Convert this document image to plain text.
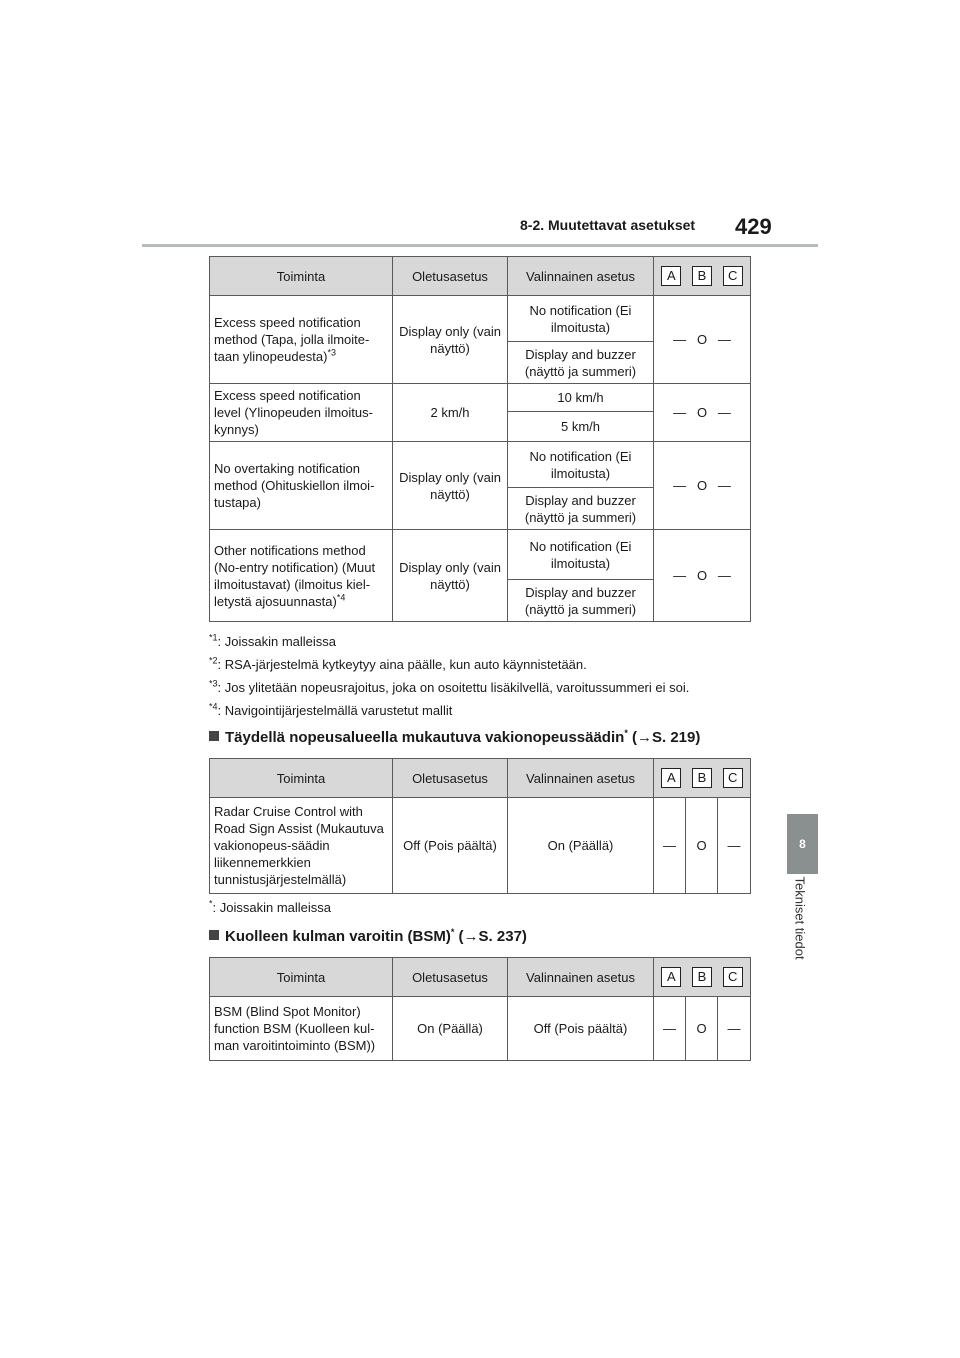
8-2. Muutettavat asetukset 429
8
Tekniset tiedot
Toiminta	Oletusasetus	Valinnainen asetus	A B C

Excess speed notification method (Tapa, jolla ilmoite-taan ylinopeudesta)$^{*3}$	Display only (vain näyttö)	No notification (Ei ilmoitusta)	— O —
		Display and buzzer (näyttö ja summeri)	
Excess speed notification level (Ylinopeuden ilmoitus-kynnys)	2 km/h	10 km/h	— O —
		5 km/h	
No overtaking notification method (Ohituskiellon ilmoi-tustapa)	Display only (vain näyttö)	No notification (Ei ilmoitusta)	— O —
		Display and buzzer (näyttö ja summeri)	
Other notifications method (No-entry notification) (Muut ilmoitustavat) (ilmoitus kiel-letystä ajosuunnasta)$^{*4}$	Display only (vain näyttö)	No notification (Ei ilmoitusta)	— O —
		Display and buzzer (näyttö ja summeri)	
$^{*1}$: Joissakin malleissa
$^{*2}$: RSA-järjestelmä kytkeytyy aina päälle, kun auto käynnistetään.
$^{*3}$: Jos ylitetään nopeusrajoitus, joka on osoitettu lisäkilvellä, varoitussummeri ei soi.
$^{*4}$: Navigointijärjestelmällä varustetut mallit
Täydellä nopeusalueella mukautuva vakionopeussäädin* (→S. 219)
Toiminta	Oletusasetus	Valinnainen asetus	A B C		

Radar Cruise Control with Road Sign Assist (Mukautuva vakionopeus-säädin liikennemerkkien tunnistusjärjestelmällä)	Off (Pois päältä)	On (Päällä)	—	O	—
*: Joissakin malleissa
Kuolleen kulman varoitin (BSM)* (→S. 237)
Toiminta	Oletusasetus	Valinnainen asetus	A B C		

BSM (Blind Spot Monitor) function BSM (Kuolleen kul-man varoitintoiminto (BSM))	On (Päällä)	Off (Pois päältä)	—	O	—
